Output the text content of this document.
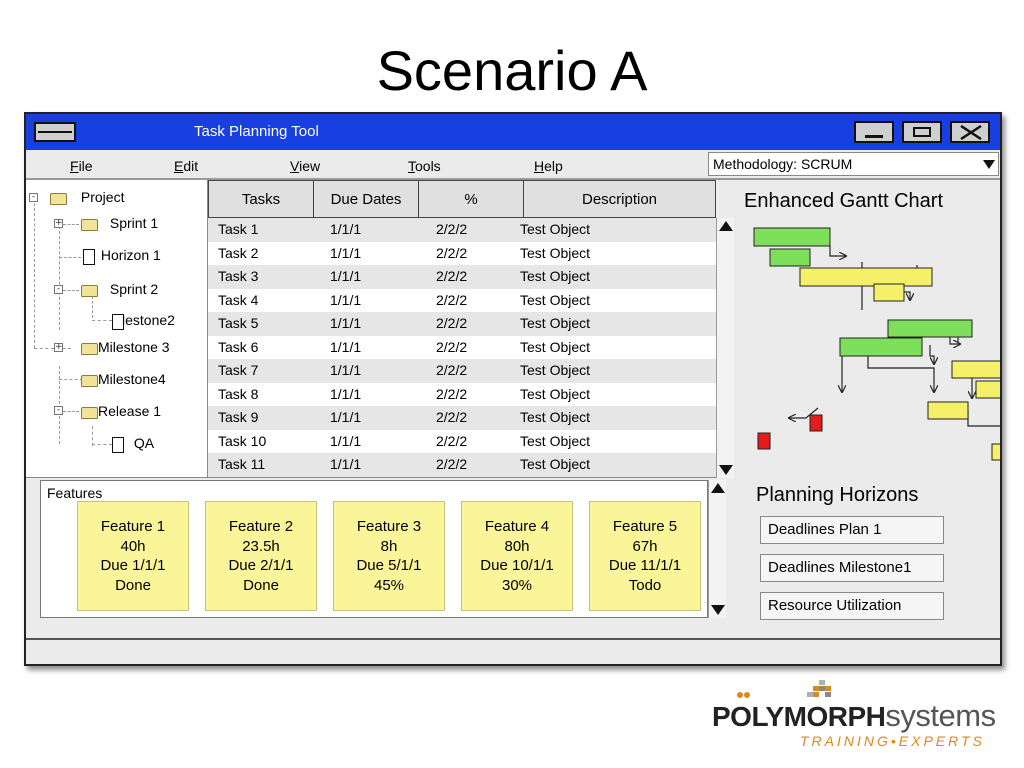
Scenario A
Task Planning Tool
File	Edit	View	Tools	Help	Methodology: SCRUM
-	Project
+	Sprint 1
Horizon 1
-	Sprint 2
lestone2
+	Milestone 3
Milestone4
-	Release 1
QA
Tasks	Due Dates	%	Description
Task 1	1/1/1	2/2/2	Test Object
Task 2	1/1/1	2/2/2	Test Object
Task 3	1/1/1	2/2/2	Test Object
Task 4	1/1/1	2/2/2	Test Object
Task 5	1/1/1	2/2/2	Test Object
Task 6	1/1/1	2/2/2	Test Object
Task 7	1/1/1	2/2/2	Test Object
Task 8	1/1/1	2/2/2	Test Object
Task 9	1/1/1	2/2/2	Test Object
Task 10	1/1/1	2/2/2	Test Object
Task 11	1/1/1	2/2/2	Test Object
Enhanced Gantt Chart
Features
Feature 1
40h
Due 1/1/1
Done
Feature 2
23.5h
Due 2/1/1
Done
Feature 3
8h
Due 5/1/1
45%
Feature 4
80h
Due 10/1/1
30%
Feature 5
67h
Due 11/1/1
Todo
Planning Horizons
Deadlines Plan 1
Deadlines Milestone1
Resource Utilization
POLYMORPHsystems
TRAINING•EXPERTS
